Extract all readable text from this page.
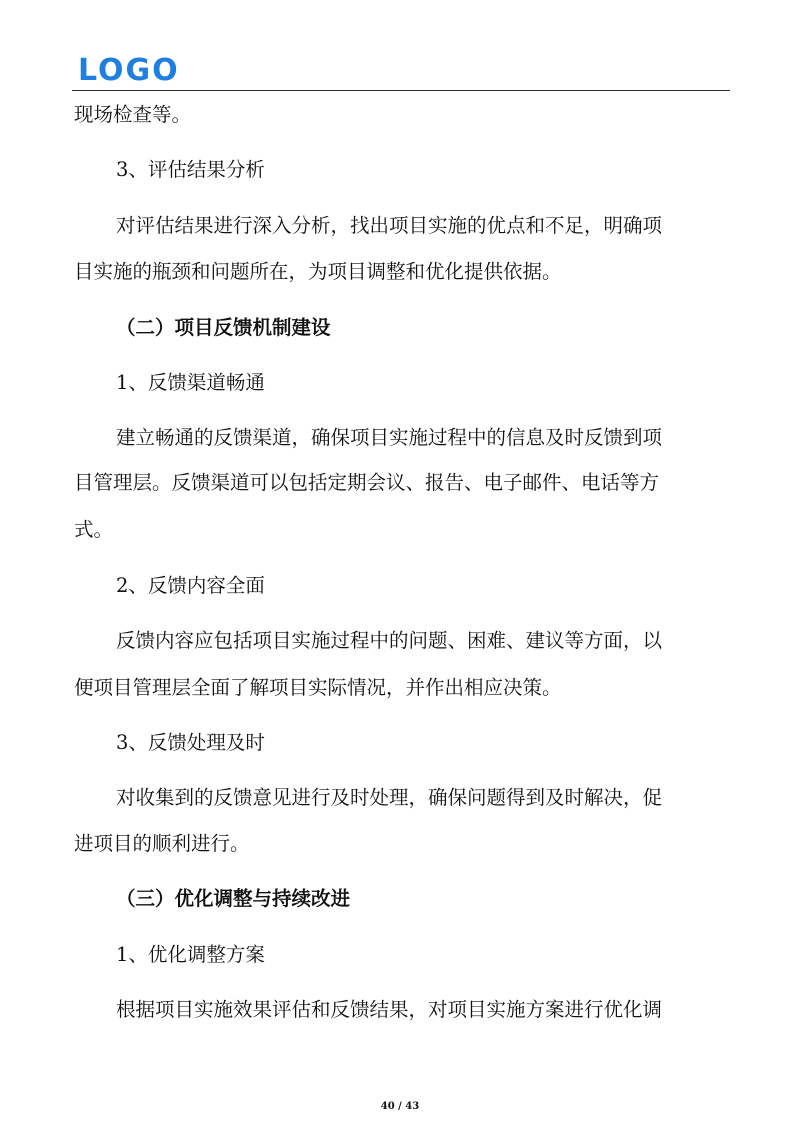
LOGO
现场检查等。
3、评估结果分析
对评估结果进行深入分析，找出项目实施的优点和不足，明确项
目实施的瓶颈和问题所在，为项目调整和优化提供依据。
（二）项目反馈机制建设
1、反馈渠道畅通
建立畅通的反馈渠道，确保项目实施过程中的信息及时反馈到项
目管理层。反馈渠道可以包括定期会议、报告、电子邮件、电话等方
式。
2、反馈内容全面
反馈内容应包括项目实施过程中的问题、困难、建议等方面，以
便项目管理层全面了解项目实际情况，并作出相应决策。
3、反馈处理及时
对收集到的反馈意见进行及时处理，确保问题得到及时解决，促
进项目的顺利进行。
（三）优化调整与持续改进
1、优化调整方案
根据项目实施效果评估和反馈结果，对项目实施方案进行优化调
40 / 43
